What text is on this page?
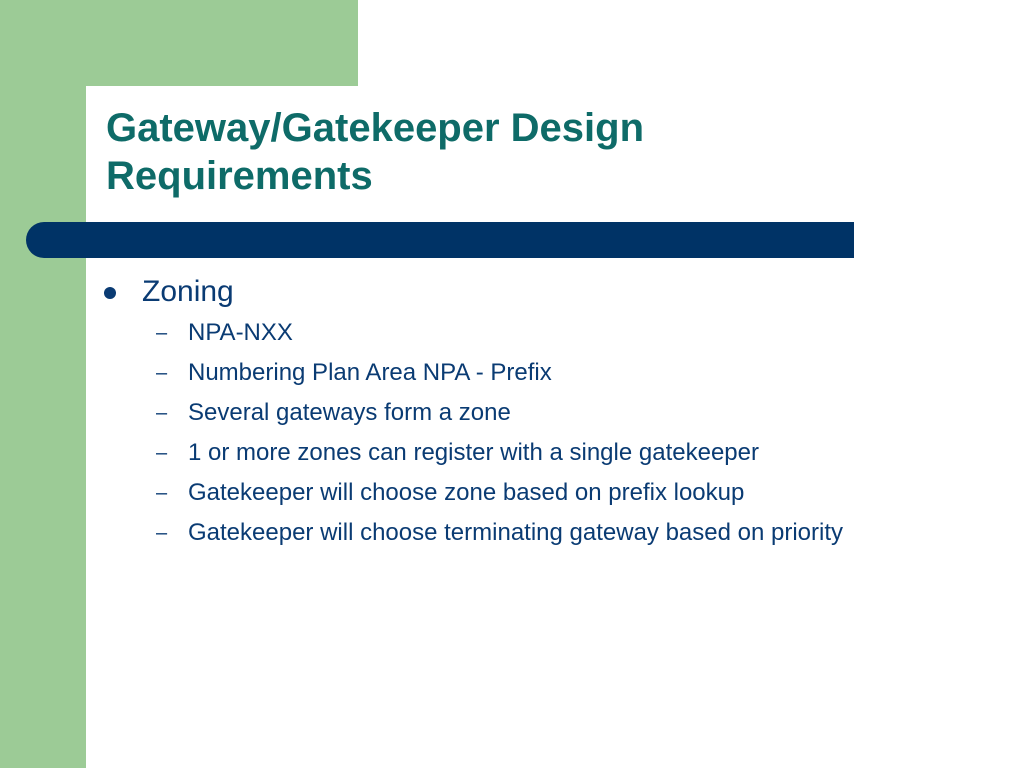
Gateway/Gatekeeper Design Requirements
Zoning
– NPA-NXX
– Numbering Plan Area NPA - Prefix
– Several gateways form a zone
– 1 or more zones can register with a single gatekeeper
– Gatekeeper will choose zone based on prefix lookup
– Gatekeeper will choose terminating gateway based on priority
